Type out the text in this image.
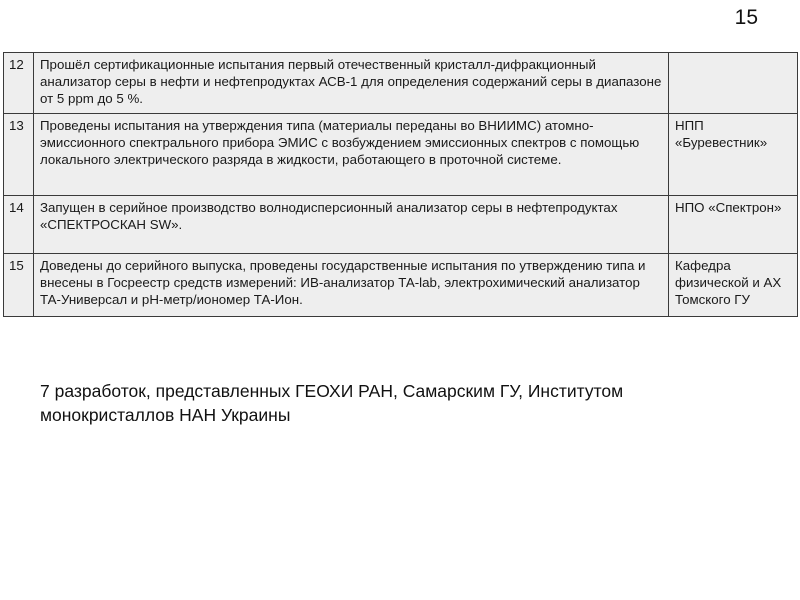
15
12	Прошёл сертификационные испытания первый отечественный кристалл-дифракционный анализатор серы в нефти и нефтепродуктах АСВ-1 для определения содержаний серы в диапазоне от 5 ppm до 5 %.	
13	Проведены испытания на утверждения типа (материалы переданы во ВНИИМС) атомно-эмиссионного спектрального прибора ЭМИС с возбуждением эмиссионных спектров с помощью локального электрического разряда в жидкости, работающего в проточной системе.	НПП «Буревестник»
14	Запущен в серийное производство волнодисперсионный анализатор серы в нефтепродуктах «СПЕКТРОСКАН SW».	НПО «Спектрон»
15	Доведены до серийного выпуска, проведены государственные испытания по утверждению типа и внесены в Госреестр средств измерений: ИВ-анализатор ТА-lab, электрохимический анализатор ТА-Универсал и рН-метр/иономер ТА-Ион.	Кафедра физической и АХ Томского ГУ
7 разработок, представленных ГЕОХИ РАН, Самарским ГУ, Институтом монокристаллов НАН Украины
